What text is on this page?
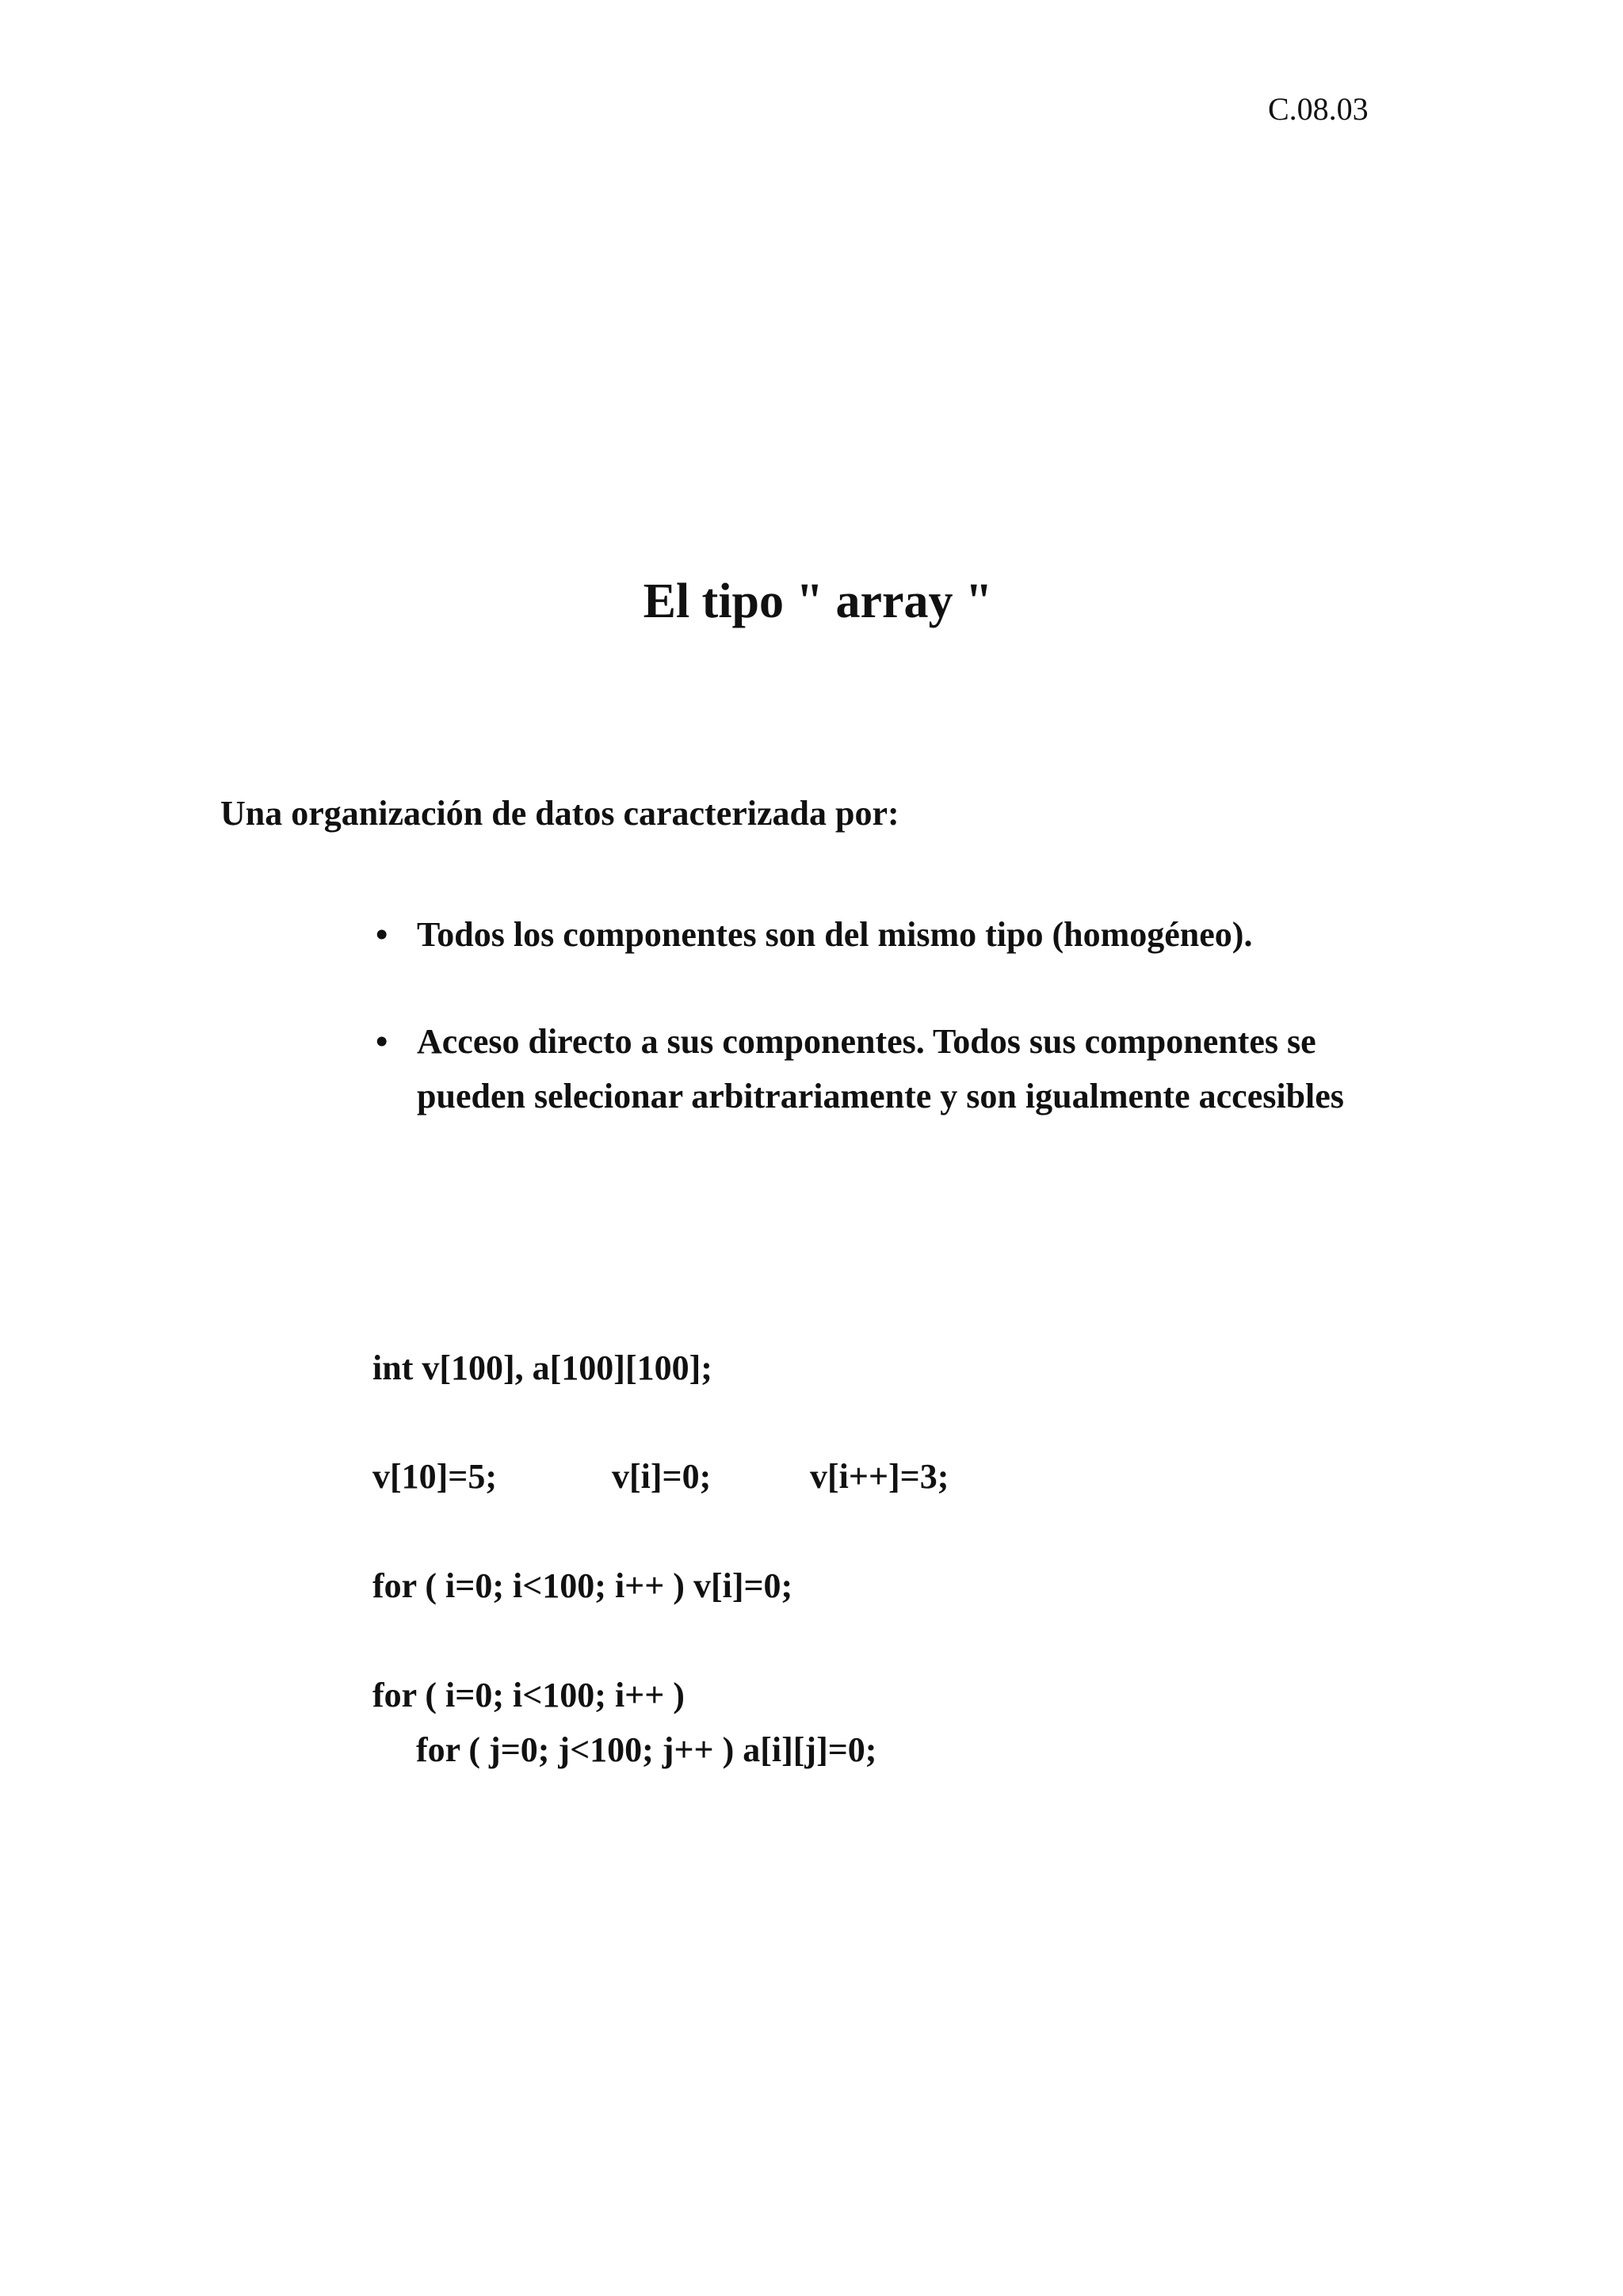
C.08.03
El tipo " array "
Una organización de datos caracterizada por:
• Todos los componentes son del mismo tipo (homogéneo).
• Acceso directo a sus componentes. Todos sus componentes se pueden selecionar arbitrariamente y son igualmente accesibles
int v[100], a[100][100];

v[10]=5;

	v[i]=0;

	v[i++]=3;

for ( i=0; i<100; i++ ) v[i]=0;
for ( i=0; i<100; i++ )
for ( j=0; j<100; j++ ) a[i][j]=0;
